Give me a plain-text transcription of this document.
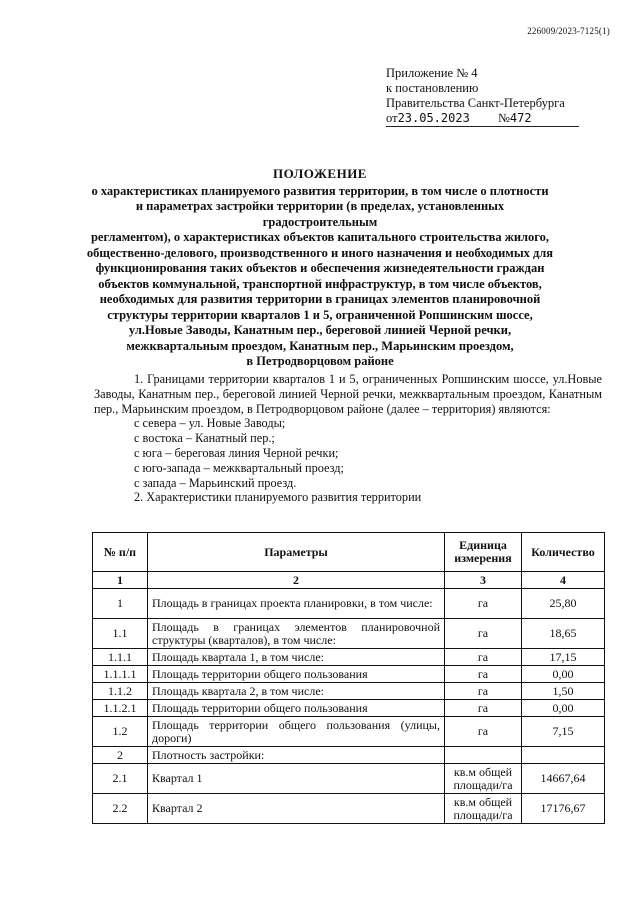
226009/2023-7125(1)
Приложение № 4
к постановлению
Правительства Санкт-Петербурга
от23.05.2023 №472
ПОЛОЖЕНИЕ
о характеристиках планируемого развития территории, в том числе о плотности
и параметрах застройки территории (в пределах, установленных градостроительным
регламентом), о характеристиках объектов капитального строительства жилого,
общественно-делового, производственного и иного назначения и необходимых для
функционирования таких объектов и обеспечения жизнедеятельности граждан
объектов коммунальной, транспортной инфраструктур, в том числе объектов,
необходимых для развития территории в границах элементов планировочной
структуры территории кварталов 1 и 5, ограниченной Ропшинским шоссе,
ул.Новые Заводы, Канатным пер., береговой линией Черной речки,
межквартальным проездом, Канатным пер., Марьинским проездом,
в Петродворцовом районе
1. Границами территории кварталов 1 и 5, ограниченных Ропшинским шоссе, ул.Новые Заводы, Канатным пер., береговой линией Черной речки, межквартальным проездом, Канатным пер., Марьинским проездом, в Петродворцовом районе (далее – территория) являются:
с севера – ул. Новые Заводы;
с востока – Канатный пер.;
с юга – береговая линия Черной речки;
с юго-запада – межквартальный проезд;
с запада – Марьинский проезд.
2. Характеристики планируемого развития территории
№ п/п	Параметры	Единица измерения	Количество
1	2	3	4
1	Площадь в границах проекта планировки, в том числе:	га	25,80
1.1	Площадь в границах элементов планировочной структуры (кварталов), в том числе:	га	18,65
1.1.1	Площадь квартала 1, в том числе:	га	17,15
1.1.1.1	Площадь территории общего пользования	га	0,00
1.1.2	Площадь квартала 2, в том числе:	га	1,50
1.1.2.1	Площадь территории общего пользования	га	0,00
1.2	Площадь территории общего пользования (улицы, дороги)	га	7,15
2	Плотность застройки:		
2.1	Квартал 1	кв.м общей площади/га	14667,64
2.2	Квартал 2	кв.м общей площади/га	17176,67
